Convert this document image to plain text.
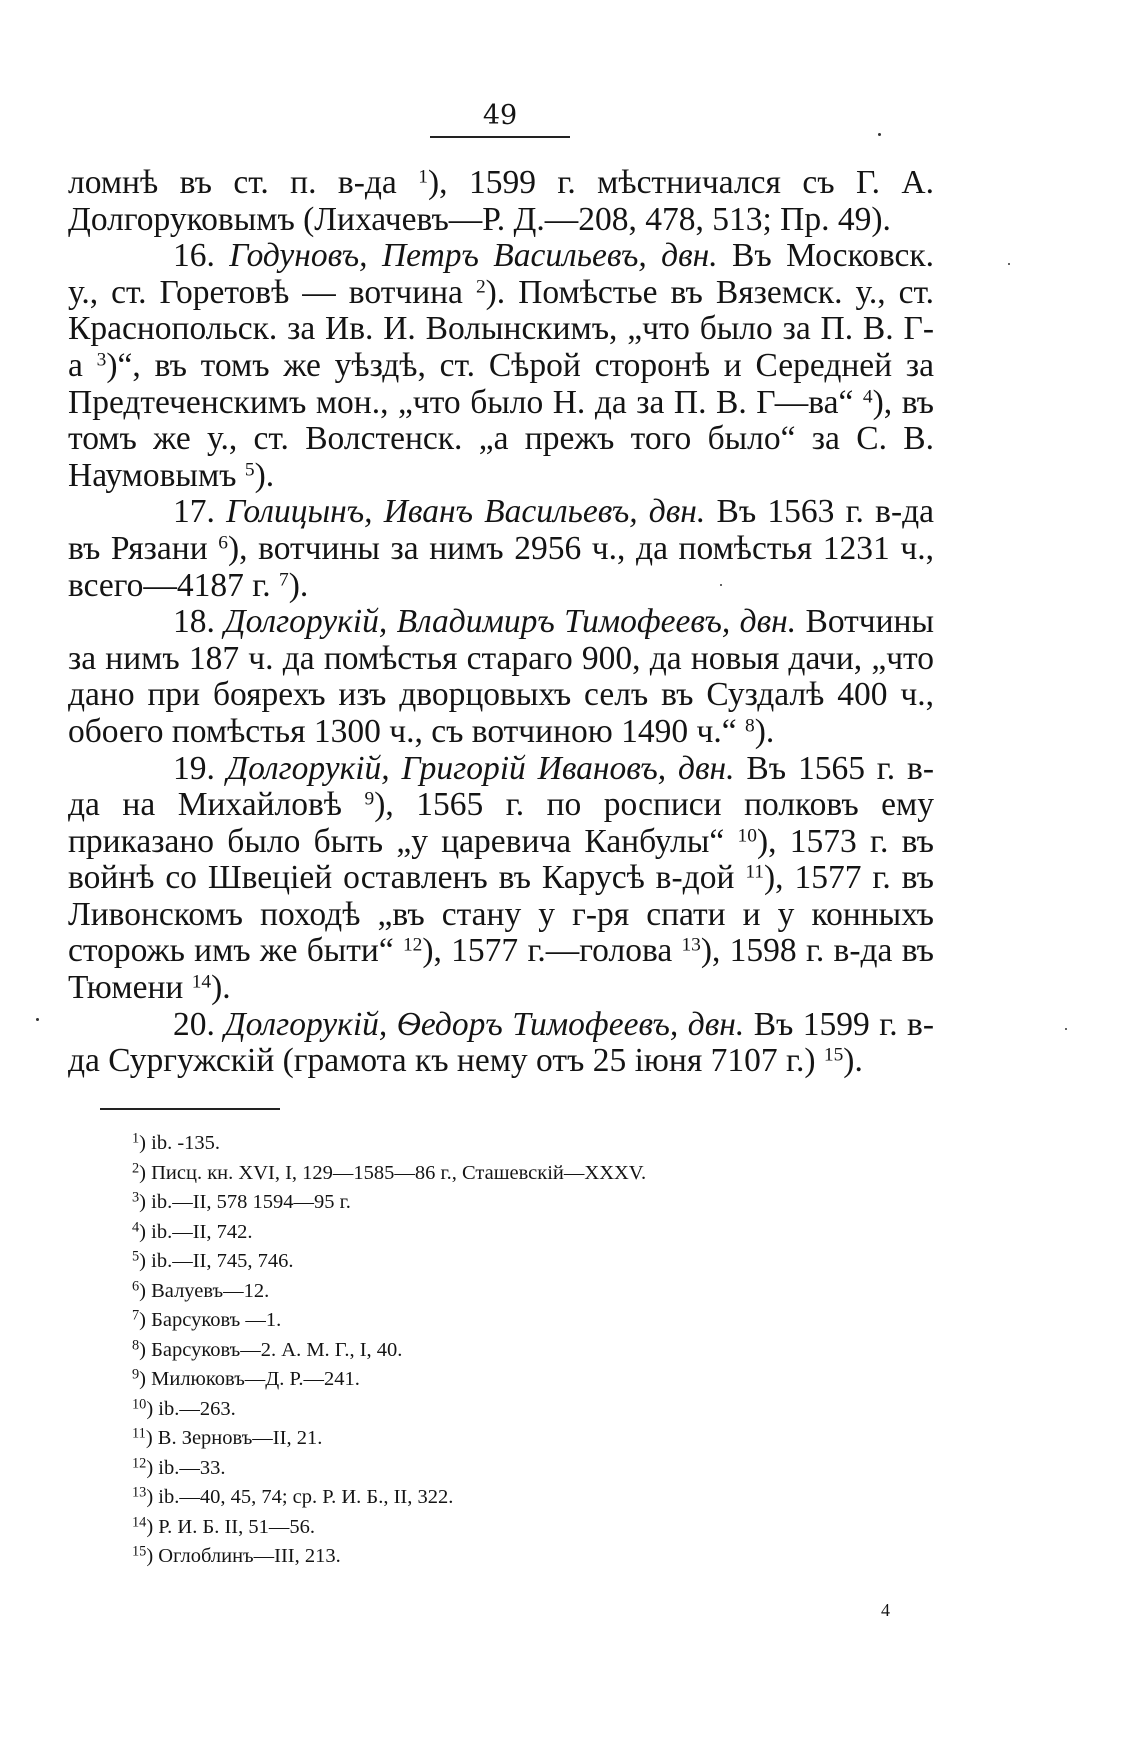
49

ломнѣ въ ст. п. в-да $^1$), 1599 г. мѣстничался съ Г. А. Долгоруковымъ (Лихачевъ—Р. Д.—208, 478, 513; Пр. 49).

16. Годуновъ, Петръ Васильевъ, двн. Въ Московск. у., ст. Горетовѣ — вотчина $^2$). Помѣстье въ Вяземск. у., ст. Краснопольск. за Ив. И. Волынскимъ, „что было за П. В. Г-а $^3$)“, въ томъ же уѣздѣ, ст. Сѣрой сторонѣ и Середней за Предтеченскимъ мон., „что было Н. да за П. В. Г—ва“ $^4$), въ томъ же у., ст. Волстенск. „а прежъ того было“ за С. В. Наумовымъ $^5$).

17. Голицынъ, Иванъ Васильевъ, двн. Въ 1563 г. в-да въ Рязани $^6$), вотчины за нимъ 2956 ч., да помѣстья 1231 ч., всего—4187 г. $^7$).

18. Долгорукій, Владимиръ Тимофеевъ, двн. Вотчины за нимъ 187 ч. да помѣстья стараго 900, да новыя дачи, „что дано при боярехъ изъ дворцовыхъ селъ въ Суздалѣ 400 ч., обоего помѣстья 1300 ч., съ вотчиною 1490 ч.“ $^8$).

19. Долгорукій, Григорій Ивановъ, двн. Въ 1565 г. в-да на Михайловѣ $^9$), 1565 г. по росписи полковъ ему приказано было быть „у царевича Канбулы“ $^{10}$), 1573 г. въ войнѣ со Швеціей оставленъ въ Карусѣ в-дой $^{11}$), 1577 г. въ Ливонскомъ походѣ „въ стану у г-ря спати и у конныхъ сторожь имъ же быти“ $^{12}$), 1577 г.—голова $^{13}$), 1598 г. в-да въ Тюмени $^{14}$).

20. Долгорукій, Ѳедоръ Тимофеевъ, двн. Въ 1599 г. в-да Сургужскій (грамота къ нему отъ 25 іюня 7107 г.) $^{15}$).

$^1$) ib. -135.
$^2$) Писц. кн. XVI, I, 129—1585—86 г., Сташевскій—XXXV.
$^3$) ib.—II, 578 1594—95 г.
$^4$) ib.—II, 742.
$^5$) ib.—II, 745, 746.
$^6$) Валуевъ—12.
$^7$) Барсуковъ —1.
$^8$) Барсуковъ—2. А. М. Г., I, 40.
$^9$) Милюковъ—Д. Р.—241.
$^{10}$) ib.—263.
$^{11}$) В. Зерновъ—II, 21.
$^{12}$) ib.—33.
$^{13}$) ib.—40, 45, 74; ср. Р. И. Б., II, 322.
$^{14}$) Р. И. Б. II, 51—56.
$^{15}$) Оглоблинъ—III, 213.
4
